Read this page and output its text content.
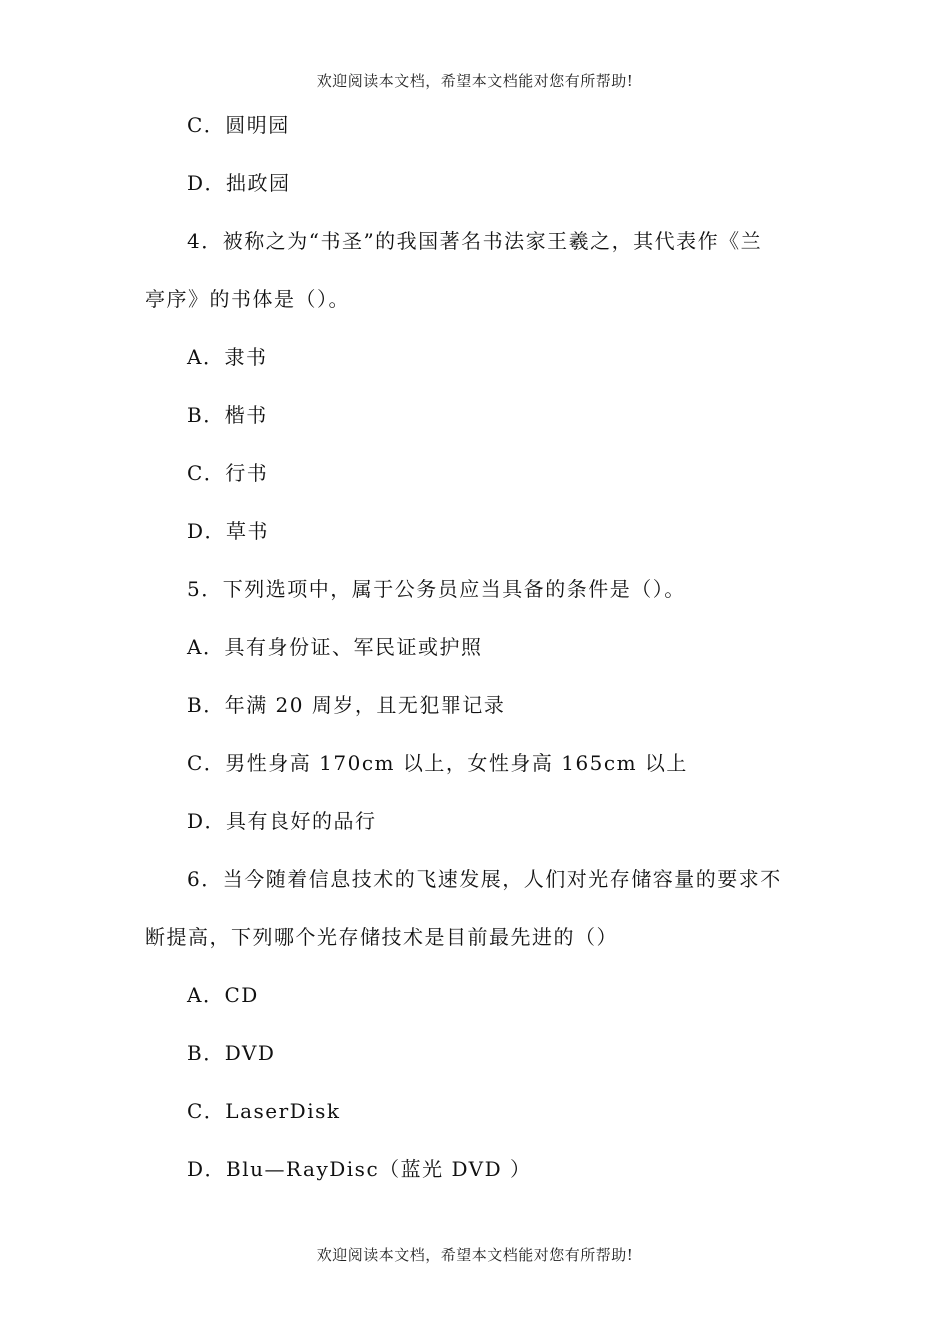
欢迎阅读本文档，希望本文档能对您有所帮助!
C．圆明园
D．拙政园
4．被称之为“书圣”的我国著名书法家王羲之，其代表作《兰
亭序》的书体是（）。
A．隶书
B．楷书
C．行书
D．草书
5．下列选项中，属于公务员应当具备的条件是（）。
A．具有身份证、军民证或护照
B．年满 20 周岁，且无犯罪记录
C．男性身高 170cm 以上，女性身高 165cm 以上
D．具有良好的品行
6．当今随着信息技术的飞速发展，人们对光存储容量的要求不
断提高，下列哪个光存储技术是目前最先进的（）
A．CD
B．DVD
C．LaserDisk
D．Blu—RayDisc（蓝光 DVD ）
欢迎阅读本文档，希望本文档能对您有所帮助!
